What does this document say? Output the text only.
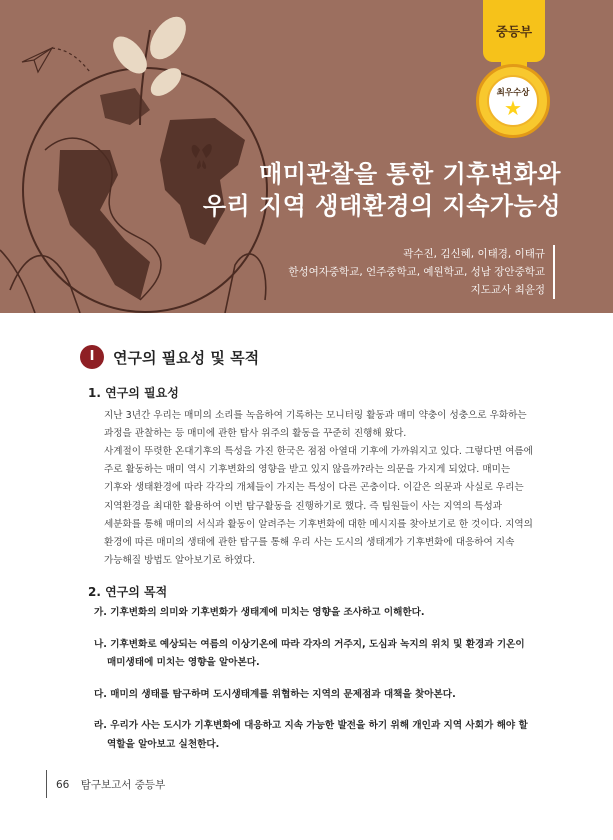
매미관찰을 통한 기후변화와
우리 지역 생태환경의 지속가능성
곽수진, 김신혜, 이태경, 이태규
한성여자중학교, 언주중학교, 예원학교, 성남 장안중학교
지도교사 최윤정
중등부
최우수상
★
I	연구의 필요성 및 목적
1. 연구의 필요성
지난 3년간 우리는 매미의 소리를 녹음하여 기록하는 모니터링 활동과 매미 약충이 성충으로 우화하는
과정을 관찰하는 등 매미에 관한 탐사 위주의 활동을 꾸준히 진행해 왔다.
사계절이 뚜렷한 온대기후의 특성을 가진 한국은 점점 아열대 기후에 가까워지고 있다. 그렇다면 여름에
주로 활동하는 매미 역시 기후변화의 영향을 받고 있지 않을까?라는 의문을 가지게 되었다. 매미는
기후와 생태환경에 따라 각각의 개체들이 가지는 특성이 다른 곤충이다. 이같은 의문과 사실로 우리는
지역환경을 최대한 활용하여 이번 탐구활동을 진행하기로 했다. 즉 팀원들이 사는 지역의 특성과
세분화를 통해 매미의 서식과 활동이 알려주는 기후변화에 대한 메시지를 찾아보기로 한 것이다. 지역의
환경에 따른 매미의 생태에 관한 탐구를 통해 우리 사는 도시의 생태계가 기후변화에 대응하여 지속
가능해질 방법도 알아보기로 하였다.
2. 연구의 목적
가. 기후변화의 의미와 기후변화가 생태계에 미치는 영향을 조사하고 이해한다.
나. 기후변화로 예상되는 여름의 이상기온에 따라 각자의 거주지, 도심과 녹지의 위치 및 환경과 기온이
매미생태에 미치는 영향을 알아본다.
다. 매미의 생태를 탐구하며 도시생태계를 위협하는 지역의 문제점과 대책을 찾아본다.
라. 우리가 사는 도시가 기후변화에 대응하고 지속 가능한 발전을 하기 위해 개인과 지역 사회가 해야 할
역할을 알아보고 실천한다.
66 탐구보고서 중등부
